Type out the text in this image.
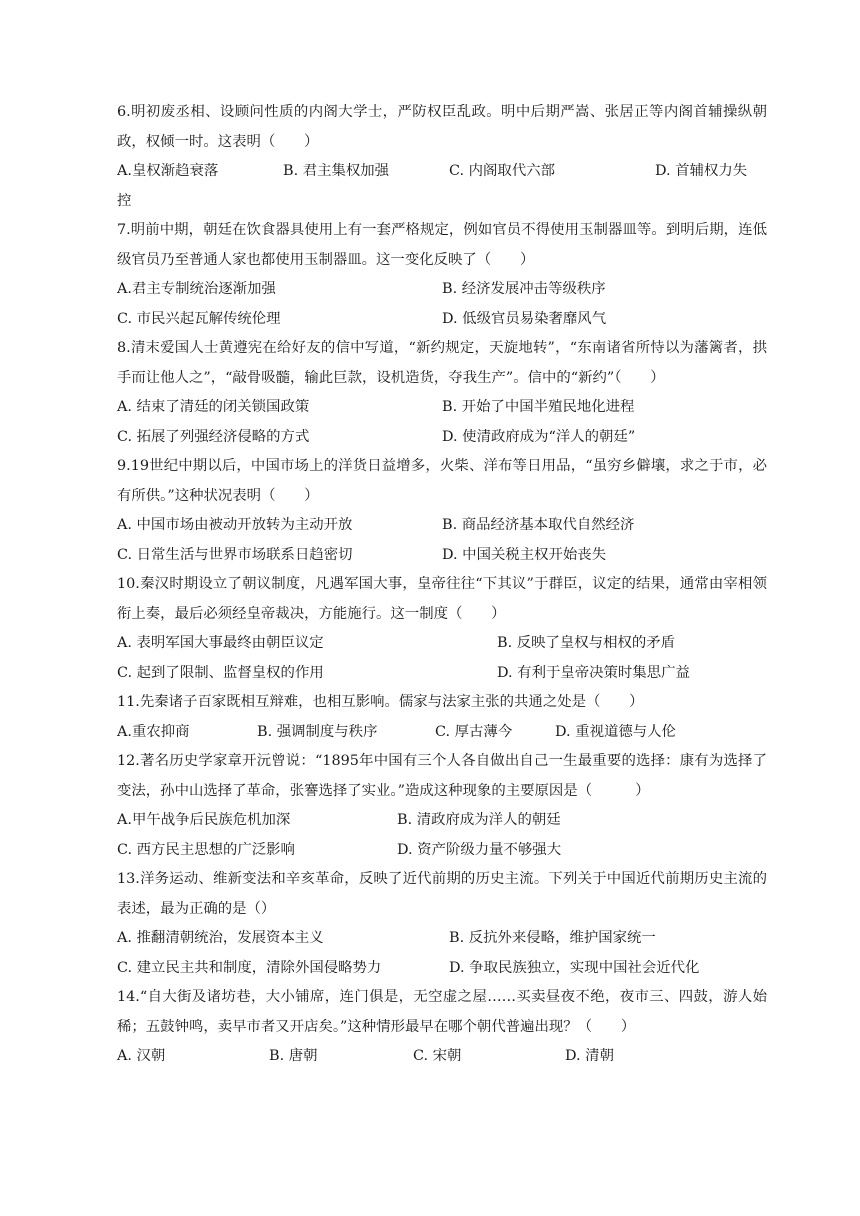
6.明初废丞相、设顾问性质的内阁大学士，严防权臣乱政。明中后期严嵩、张居正等内阁首辅操纵朝政，权倾一时。这表明（　　）
A.皇权渐趋衰落	B. 君主集权加强	C. 内阁取代六部	D. 首辅权力失
控
7.明前中期，朝廷在饮食器具使用上有一套严格规定，例如官员不得使用玉制器皿等。到明后期，连低级官员乃至普通人家也都使用玉制器皿。这一变化反映了（　　）
A.君主专制统治逐渐加强	B. 经济发展冲击等级秩序
C. 市民兴起瓦解传统伦理	D. 低级官员易染奢靡风气
8.清末爱国人士黄遵宪在给好友的信中写道，“新约规定，天旋地转”，“东南诸省所恃以为藩篱者，拱手而让他人之”，“敲骨吸髓，输此巨款，设机造货，夺我生产”。信中的“新约”（　　）
A. 结束了清廷的闭关锁国政策	B. 开始了中国半殖民地化进程
C. 拓展了列强经济侵略的方式	D. 使清政府成为“洋人的朝廷”
9.19世纪中期以后，中国市场上的洋货日益增多，火柴、洋布等日用品，“虽穷乡僻壤，求之于市，必有所供。”这种状况表明（　　）
A. 中国市场由被动开放转为主动开放	B. 商品经济基本取代自然经济
C. 日常生活与世界市场联系日趋密切	D. 中国关税主权开始丧失
10.秦汉时期设立了朝议制度，凡遇军国大事，皇帝往往“下其议”于群臣，议定的结果，通常由宰相领衔上奏，最后必须经皇帝裁决，方能施行。这一制度（　　）
A. 表明军国大事最终由朝臣议定	B. 反映了皇权与相权的矛盾
C. 起到了限制、监督皇权的作用	D. 有利于皇帝决策时集思广益
11.先秦诸子百家既相互辩难，也相互影响。儒家与法家主张的共通之处是（　　）
A.重农抑商	B. 强调制度与秩序	C. 厚古薄今	D. 重视道德与人伦
12.著名历史学家章开沅曾说：“1895年中国有三个人各自做出自己一生最重要的选择：康有为选择了变法，孙中山选择了革命，张謇选择了实业。”造成这种现象的主要原因是（　　　）
A.甲午战争后民族危机加深	B. 清政府成为洋人的朝廷
C. 西方民主思想的广泛影响	D. 资产阶级力量不够强大
13.洋务运动、维新变法和辛亥革命，反映了近代前期的历史主流。下列关于中国近代前期历史主流的表述，最为正确的是（）
A. 推翻清朝统治，发展资本主义	B. 反抗外来侵略，维护国家统一
C. 建立民主共和制度，清除外国侵略势力	D. 争取民族独立，实现中国社会近代化
14.“自大街及诸坊巷，大小铺席，连门俱是，无空虚之屋……买卖昼夜不绝，夜市三、四鼓，游人始稀；五鼓钟鸣，卖早市者又开店矣。”这种情形最早在哪个朝代普遍出现？（　　）
A. 汉朝	B. 唐朝	C. 宋朝	D. 清朝
